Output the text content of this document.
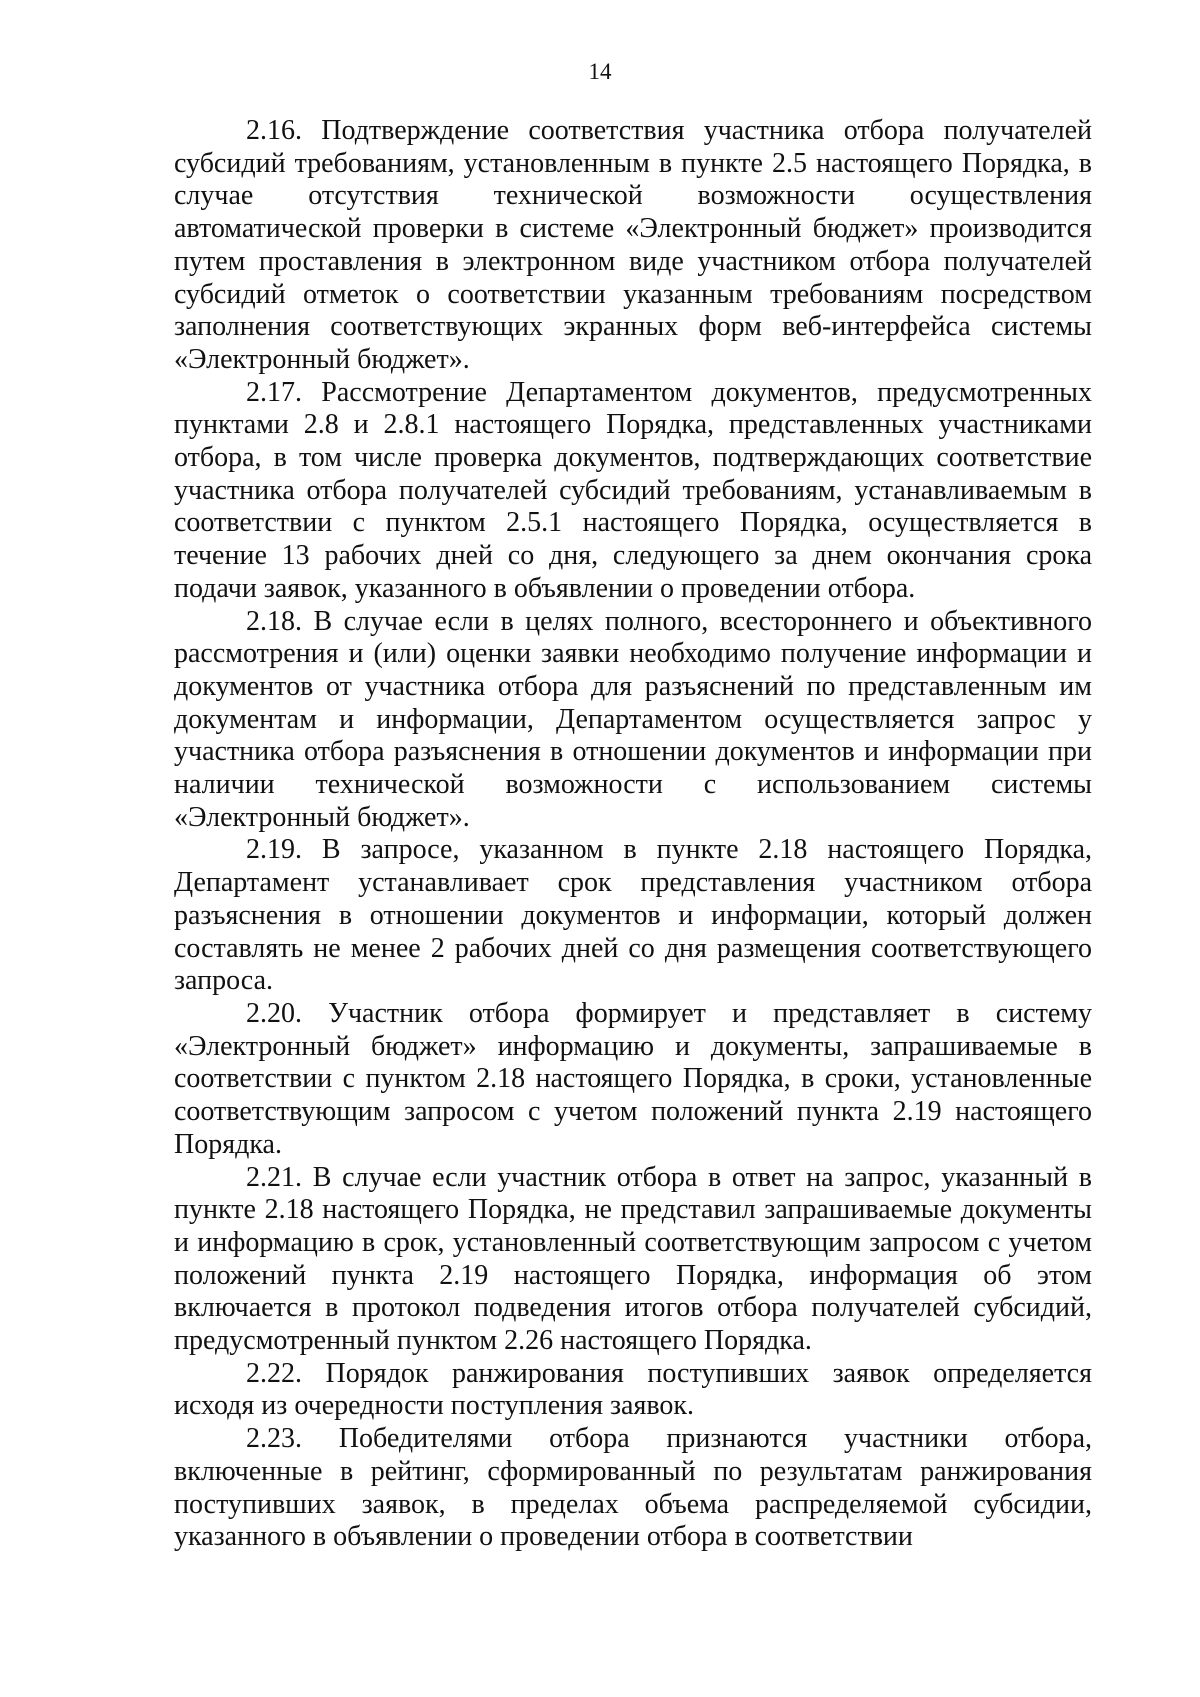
14

2.16. Подтверждение соответствия участника отбора получателей субсидий требованиям, установленным в пункте 2.5 настоящего Порядка, в случае отсутствия технической возможности осуществления автоматической проверки в системе «Электронный бюджет» производится путем проставления в электронном виде участником отбора получателей субсидий отметок о соответствии указанным требованиям посредством заполнения соответствующих экранных форм веб-интерфейса системы «Электронный бюджет».

2.17. Рассмотрение Департаментом документов, предусмотренных пунктами 2.8 и 2.8.1 настоящего Порядка, представленных участниками отбора, в том числе проверка документов, подтверждающих соответствие участника отбора получателей субсидий требованиям, устанавливаемым в соответствии с пунктом 2.5.1 настоящего Порядка, осуществляется в течение 13 рабочих дней со дня, следующего за днем окончания срока подачи заявок, указанного в объявлении о проведении отбора.

2.18. В случае если в целях полного, всестороннего и объективного рассмотрения и (или) оценки заявки необходимо получение информации и документов от участника отбора для разъяснений по представленным им документам и информации, Департаментом осуществляется запрос у участника отбора разъяснения в отношении документов и информации при наличии технической возможности с использованием системы «Электронный бюджет».

2.19. В запросе, указанном в пункте 2.18 настоящего Порядка, Департамент устанавливает срок представления участником отбора разъяснения в отношении документов и информации, который должен составлять не менее 2 рабочих дней со дня размещения соответствующего запроса.

2.20. Участник отбора формирует и представляет в систему «Электронный бюджет» информацию и документы, запрашиваемые в соответствии с пунктом 2.18 настоящего Порядка, в сроки, установленные соответствующим запросом с учетом положений пункта 2.19 настоящего Порядка.

2.21. В случае если участник отбора в ответ на запрос, указанный в пункте 2.18 настоящего Порядка, не представил запрашиваемые документы и информацию в срок, установленный соответствующим запросом с учетом положений пункта 2.19 настоящего Порядка, информация об этом включается в протокол подведения итогов отбора получателей субсидий, предусмотренный пунктом 2.26 настоящего Порядка.

2.22. Порядок ранжирования поступивших заявок определяется исходя из очередности поступления заявок.

2.23. Победителями отбора признаются участники отбора, включенные в рейтинг, сформированный по результатам ранжирования поступивших заявок, в пределах объема распределяемой субсидии, указанного в объявлении о проведении отбора в соответствии
